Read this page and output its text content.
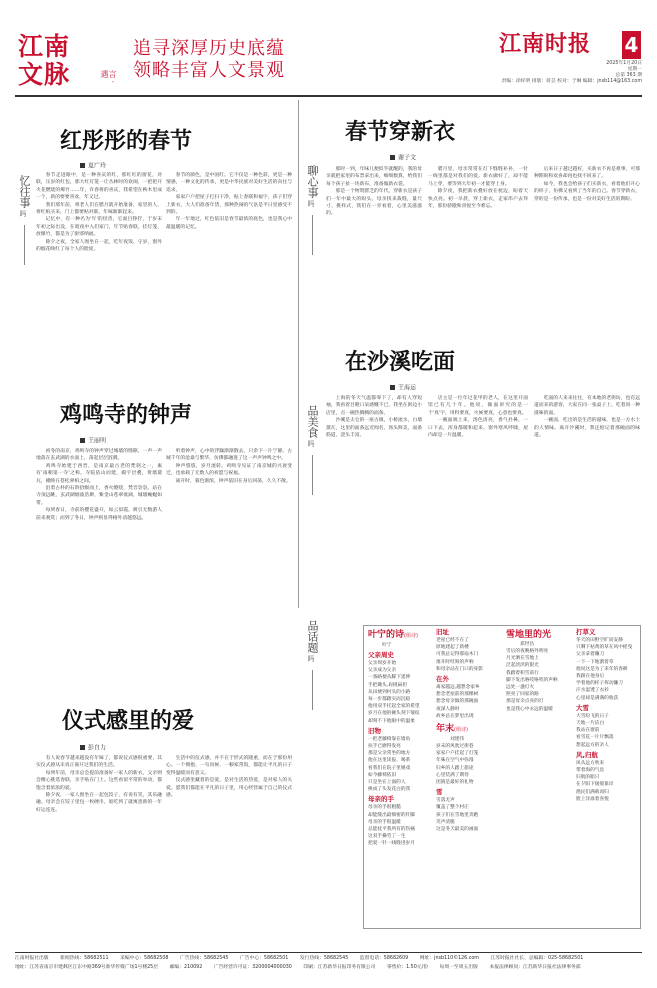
江南
文脉	言 · 遇
追寻深厚历史底蕴
领略丰富人文景观
江南时报 4
2025年1月20日
星期一
总第 363 期
责编：徐梓明 排版：蒋芸 校对：于琳 编辑：jnsb114@163.com
红彤彤的春节
夏广玲
忆往事
吗

春节走进眼中，是一种喜庆的红，那红红的窗花，对联，压岁的红包，那大红灯笼一让丛林时的欢闹，一把把开火花燃烧的爆竹……年，许春将的喜庆，我希望在秧木里成一个，新的要要喜欢，年又过。

我们那年前，将老人们在腊月就开始准备，家里的人，将红纸买来，门上都要贴对联，年味渐渐起来。

记忆中，有一种名为'年'的怪兽，它面目狰狞，于岁末年初之际出没，在暗夜中入们家门，年节贴春联，挂灯笼，放爆竹，都是为了驱邪纳福。

除夕之夜，全家人围坐在一起，吃年夜饭、守岁，窗外的烟花映红了每个人的脸庞。

春节的颜色，是中国红。它不仅是一种色彩，更是一种情感，一种文化的传承，更是中华民族对美好生活的向往与追求。

家家户户把屋子打扫干净，贴上春联和福字，孩子们穿上新衣，大人们准备年货，那种热闹的气氛是平日里感受不到的。

年一年地过，红色依旧是春节最浓的底色，也是我心中最温暖的记忆。

春节穿新衣
谢子文
聊心事
吗

那时一到，年味儿便似乎就醒的，我的母亲就把家里的布票拿出来，细细数算，给我们每个孩子扯一块新布，准备做新衣裳。

那是一个物资匮乏的年代，穿新衣是孩子们一年中最大的盼头。母亲找来裁缝，量尺寸、挑样式，我们在一旁看着，心里美滋滋的。

腊月里，母亲常常在灯下缝缝补补，一针一线里都是对我们的爱。新衣做好了，却不能马上穿，要等到大年初一才能穿上身。

除夕夜，我把新衣叠好放在枕边，盼着天快点亮。初一早晨，穿上新衣，走家串户去拜年，那份骄傲和喜悦至今难忘。

后来日子越过越好，买新衣不再是难事，可那种期盼和欢喜却再也找不回来了。

如今，我也会给孩子们买新衣，看着他们开心的样子，仿佛又看到了当年的自己。春节穿新衣，穿的是一份传承，也是一份对美好生活的期盼。

鸡鸣寺的钟声
王丽明

初冬的南京，鸡鸣寺的钟声穿过城墙的缝隙，一声一声地落在玄武湖的水面上，荡起层层涟漪。

鸡鸣寺始建于西晋，是南京最古老的梵刹之一，素有'南朝第一寺'之称。寺院依山而建，殿宇层叠，黄墙黛瓦，掩映在苍松翠柏之间。

沿着古朴的石阶拾级而上，香火缭绕，梵音袅袅。站在寺顶远眺，玄武湖烟波浩渺，紫金山苍翠欲滴，城墙蜿蜒如带。

每到春日，寺前的樱花盛开，如云似霞，吸引无数游人前来观赏；而到了冬日，钟声则显得格外清越悠远。

听着钟声，心中的浮躁渐渐散去，只余下一片宁静。古城千年的沧桑与繁华，仿佛都融进了这一声声钟鸣之中。

钟声悠悠，岁月流转。鸡鸣寺见证了南京城的兴衰变迁，也承载了无数人的祈愿与祝福。

离开时，暮色渐浓，钟声依旧在身后回荡，久久不散。

在沙溪吃面
王海运
品美食
吗

上海的冬天气温都零下了，却有人穿短袖，我看着目瞪口呆感慨不已，我坐在街边小店里，点一碗热腾腾的面条。

沙溪是太仓的一座古镇，小桥流水，白墙黛瓦，这里的面条远近闻名，汤头鲜美，面条筋道，浇头丰富。

店主是一位年过花甲的老人，在这里开面馆已有几十年。他说，做面讲究的是一个'真'字，用料要真，火候要真，心意也要真。

一碗面端上来，汤色清亮，香气扑鼻，一口下去，浑身都暖和起来。窗外寒风呼啸，屋内却是一片温暖。

吃面的人来来往往，有本地的老街坊，也有远道而来的游客，大家在同一张桌子上，吃着同一种滋味的面。

一碗面，吃出的是生活的滋味，也是一方水土的人情味。离开沙溪时，我还惦记着那碗面的味道。

仪式感里的爱
彭自力
品话题
吗

有人说春节越来越没有年味了，都说仪式感很重要，其实仪式感从未真正离开过我们的生活。

每到年前，母亲总会提前准备好一家人的新衣，父亲则会精心挑选春联，亲手贴在门上。这些看似平常的举动，都饱含着浓浓的爱。

除夕夜，一家人围坐在一起包饺子，有说有笑，其乐融融。母亲会在饺子里包一枚硬币，谁吃到了就寓意新的一年好运连连。

生活中的仪式感，并不在于形式的隆重，而在于那份用心。一个拥抱、一句问候、一顿家常饭，都能让平凡的日子变得温暖而有意义。

仪式感里藏着的是爱，是对生活的热爱，是对家人的关爱。愿我们都能在平凡的日子里，用心经营属于自己的仪式感。

叶宁的诗(组诗)
叶宁
父亲周史
父亲周岁开始
父亲成为父亲
一条路便从脚下延伸
手把锄头,肩挑扁担
从田埂到村头的小路
每一步都踏实而沉稳
他用双手托起全家的希望
岁月在他的额头刻下皱纹
却刻不下他眼中的温柔
旧物
一把老藤椅靠在墙角
扶手已磨得发亮
那是父亲常坐的地方
他在这里读报、喝茶
看我们在院子里嬉戏
如今藤椅依旧
只是坐在上面的人
换成了头发花白的我
母亲的手
母亲的手很粗糙
却能缝出最细密的针脚
母亲的手很温暖
总能抚平我所有的伤痛
这双手操劳了一生
把爱一针一线缝进岁月
旧址
老屋已经不在了
原地建起了新楼
可我总记得那扇木门
推开时吱呀的声响
和母亲站在门口的身影
在外
离家越远,越想念家乡
想念老屋前的那棵树
想念母亲做的那碗面
夜深人静时
故乡总在梦里出现
年末(组诗)
刘建伟
岁末的风吹过街巷
家家户户挂起了灯笼
年味在空气中弥漫
归乡的人踏上旅途
心里装满了期待
团圆是最好的礼物
雪
雪落无声
覆盖了整个村庄
孩子们在雪地里奔跑
笑声清脆
这是冬天最美的画面
雪地里的光
郑世昌
雪后的夜晚格外明亮
月光洒在雪地上
泛起淡淡的银光
我踏着积雪前行
脚下发出咯吱咯吱的声响
远处一盏灯火
照亮了回家的路
那是母亲点亮的灯
也是我心中永远的温暖
打草义
冬天的田野空旷而安静
只剩下枯黄的草在风中摇曳
父亲拿着镰刀
一下一下地割着草
他说这是为了来年的春耕
我跟在他身后
学着他的样子挥动镰刀
汗水湿透了衣衫
心里却是满满的收获
大雪
大雪纷飞的日子
天地一片洁白
我站在窗前
看雪花一片片飘落
想起远方的亲人
风,归航
风从远方吹来
带着海的气息
归航的船只
在夕阳下缓缓靠岸
渔民们满载而归
脸上洋溢着喜悦
江南时报社出版 新闻热线：58682511 采编中心：58682508 广告热线：58682545 广告中心：58682501 发行热线：58682545 监督电话：58682609 网址：jnsb110©126.com 江苏时报社社长、总编辑：025-58682501
地址：江苏省南京市建邺区江东中路369号新华传媒广场1号楼25层 邮编：210092 广告经营许可证：3200004000030 印刷：江苏新华日报印务有限公司 零售价：1.50元/份 每周一至周五出版 本报法律顾问：江苏新华日报社法律事务部
